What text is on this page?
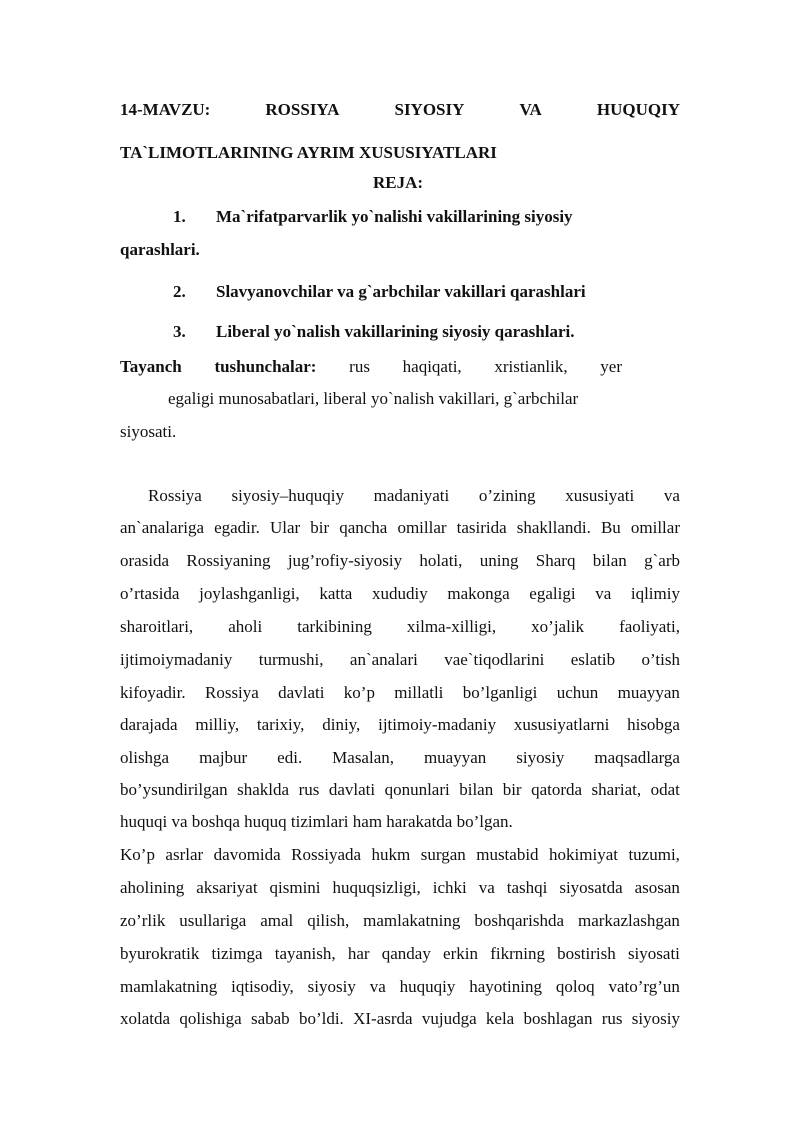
14-MAVZU:	ROSSIYA	SIYOSIY	VA	HUQUQIY
TA`LIMOTLARINING AYRIM XUSUSIYATLARI
REJA:
1.	Ma`rifatparvarlik yo`nalishi vakillarining siyosiy
qarashlari.
2.	Slavyanovchilar va g`arbchilar vakillari qarashlari
3.	Liberal yo`nalish vakillarining siyosiy qarashlari.
Tayanch tushunchalar: rus haqiqati, xristianlik, yer
egaligi munosabatlari, liberal yo`nalish vakillari, g`arbchilar
siyosati.
Rossiya siyosiy–huquqiy madaniyati o’zining xususiyati va
an`analariga egadir. Ular bir qancha omillar tasirida shakllandi. Bu omillar
orasida Rossiyaning jug’rofiy-siyosiy holati, uning Sharq bilan g`arb
o’rtasida joylashganligi, katta xududiy makonga egaligi va iqlimiy
sharoitlari, aholi tarkibining xilma-xilligi, xo’jalik faoliyati,
ijtimoiymadaniy turmushi, an`analari vae`tiqodlarini eslatib o’tish
kifoyadir. Rossiya davlati ko’p millatli bo’lganligi uchun muayyan
darajada milliy, tarixiy, diniy, ijtimoiy-madaniy xususiyatlarni hisobga
olishga majbur edi. Masalan, muayyan siyosiy maqsadlarga
bo’ysundirilgan shaklda rus davlati qonunlari bilan bir qatorda shariat, odat
huquqi va boshqa huquq tizimlari ham harakatda bo’lgan.
Ko’p asrlar davomida Rossiyada hukm surgan mustabid hokimiyat tuzumi,
aholining aksariyat qismini huquqsizligi, ichki va tashqi siyosatda asosan
zo’rlik usullariga amal qilish, mamlakatning boshqarishda markazlashgan
byurokratik tizimga tayanish, har qanday erkin fikrning bostirish siyosati
mamlakatning iqtisodiy, siyosiy va huquqiy hayotining qoloq vato’rg’un
xolatda qolishiga sabab bo’ldi. XI-asrda vujudga kela boshlagan rus siyosiy
